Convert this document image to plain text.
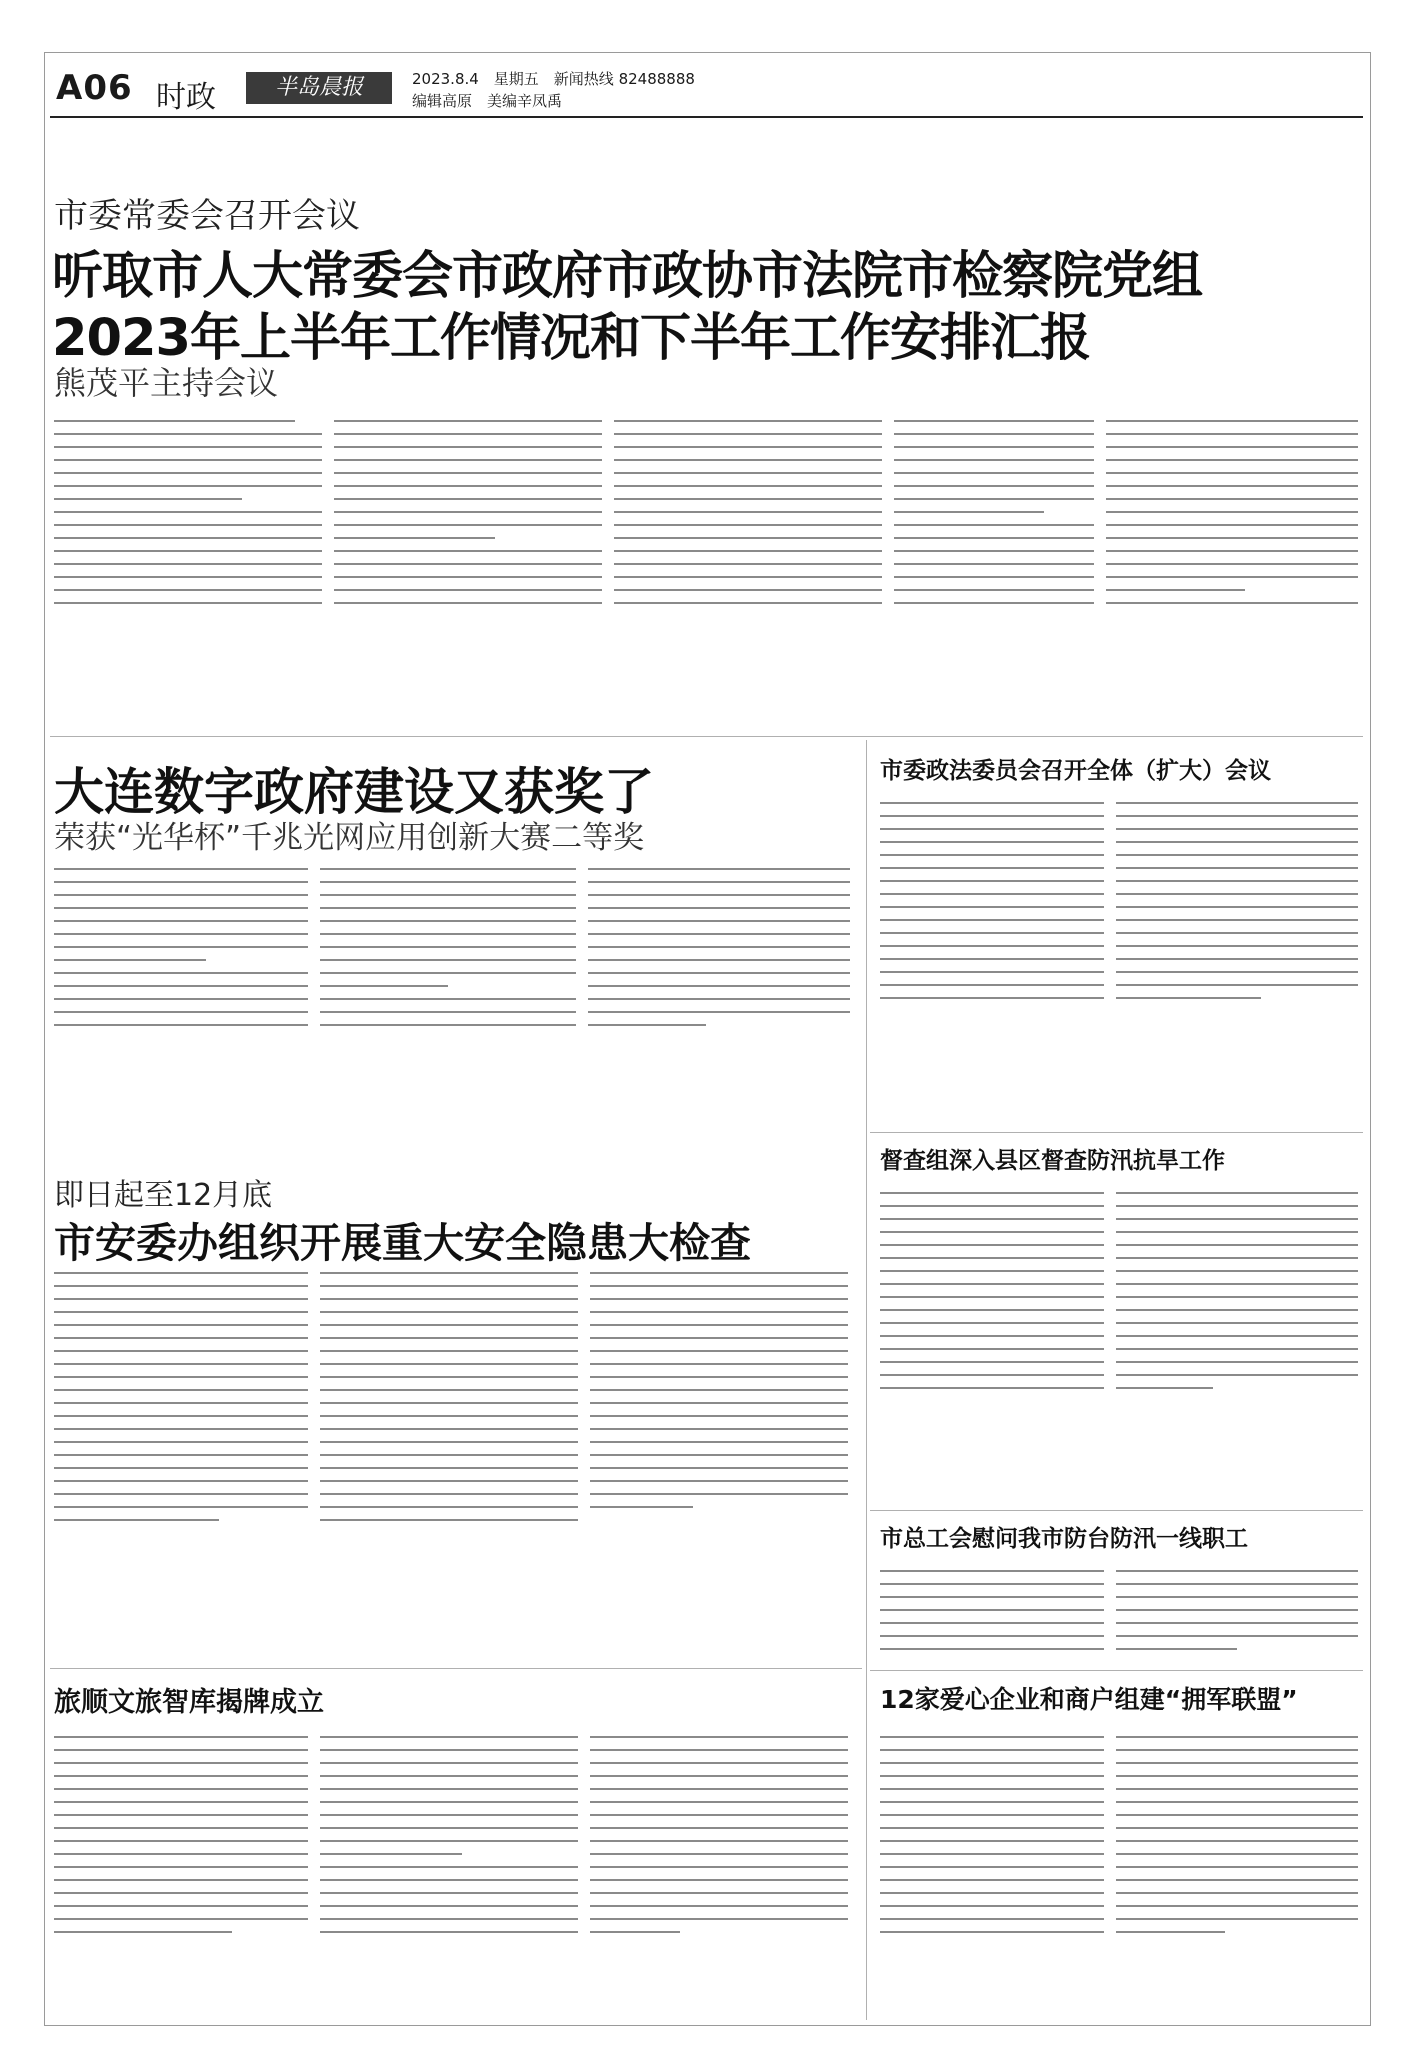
A06 时政	半岛晨报	2023.8.4　星期五　新闻热线 82488888
编辑高原　美编辛凤禹
市委常委会召开会议
听取市人大常委会市政府市政协市法院市检察院党组
2023年上半年工作情况和下半年工作安排汇报
熊茂平主持会议
大连数字政府建设又获奖了
荣获“光华杯”千兆光网应用创新大赛二等奖
即日起至12月底
市安委办组织开展重大安全隐患大检查
旅顺文旅智库揭牌成立
市委政法委员会召开全体（扩大）会议
督查组深入县区督查防汛抗旱工作
市总工会慰问我市防台防汛一线职工
12家爱心企业和商户组建“拥军联盟”
